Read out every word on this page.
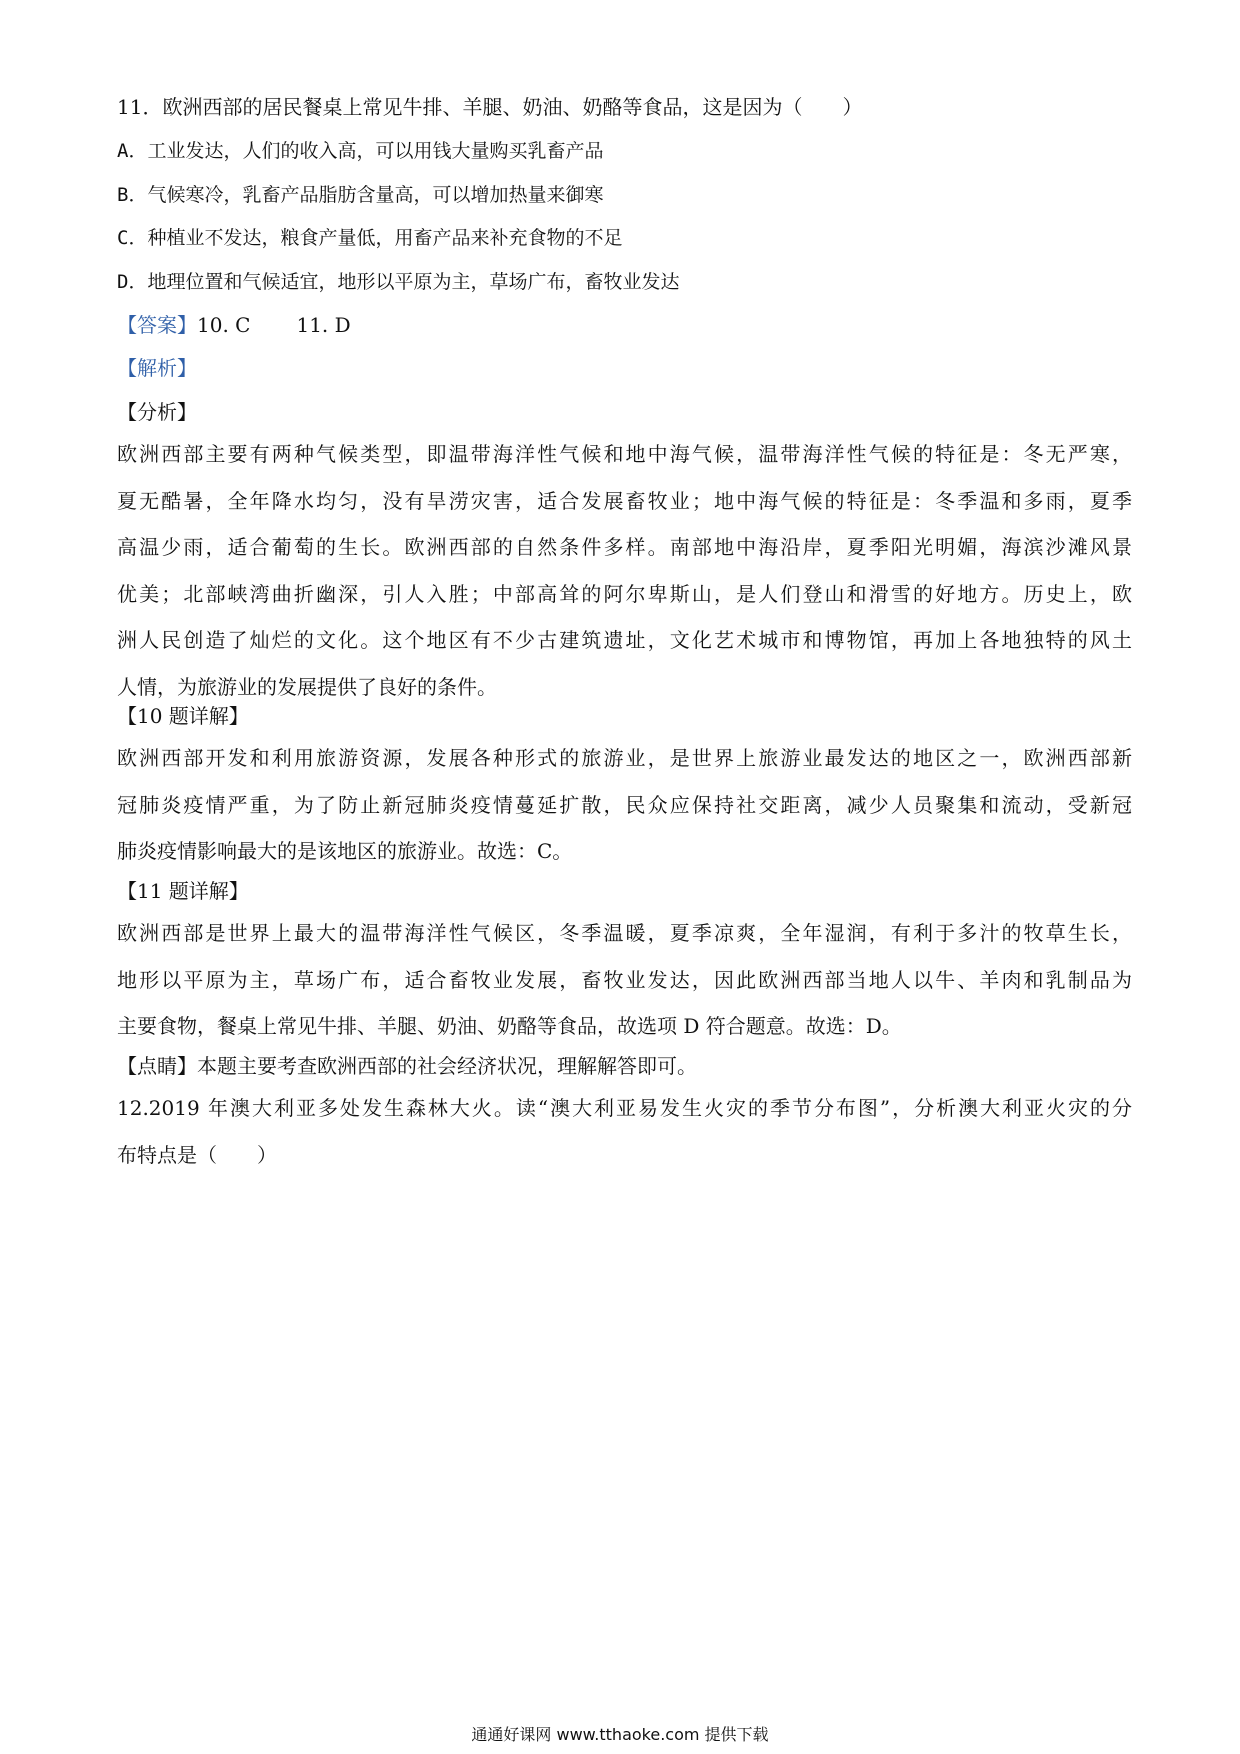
11．欧洲西部的居民餐桌上常见牛排、羊腿、奶油、奶酪等食品，这是因为（　　）
A．工业发达，人们的收入高，可以用钱大量购买乳畜产品
B．气候寒冷，乳畜产品脂肪含量高，可以增加热量来御寒
C．种植业不发达，粮食产量低，用畜产品来补充食物的不足
D．地理位置和气候适宜，地形以平原为主，草场广布，畜牧业发达
【答案】10. C 11. D
【解析】
【分析】
欧洲西部主要有两种气候类型，即温带海洋性气候和地中海气候，温带海洋性气候的特征是：冬无严寒，
夏无酷暑，全年降水均匀，没有旱涝灾害，适合发展畜牧业；地中海气候的特征是：冬季温和多雨，夏季
高温少雨，适合葡萄的生长。欧洲西部的自然条件多样。南部地中海沿岸，夏季阳光明媚，海滨沙滩风景
优美；北部峡湾曲折幽深，引人入胜；中部高耸的阿尔卑斯山，是人们登山和滑雪的好地方。历史上，欧
洲人民创造了灿烂的文化。这个地区有不少古建筑遗址，文化艺术城市和博物馆，再加上各地独特的风土
人情，为旅游业的发展提供了良好的条件。
【10 题详解】
欧洲西部开发和利用旅游资源，发展各种形式的旅游业，是世界上旅游业最发达的地区之一，欧洲西部新
冠肺炎疫情严重，为了防止新冠肺炎疫情蔓延扩散，民众应保持社交距离，减少人员聚集和流动，受新冠
肺炎疫情影响最大的是该地区的旅游业。故选：C。
【11 题详解】
欧洲西部是世界上最大的温带海洋性气候区，冬季温暖，夏季凉爽，全年湿润，有利于多汁的牧草生长，
地形以平原为主，草场广布，适合畜牧业发展，畜牧业发达，因此欧洲西部当地人以牛、羊肉和乳制品为
主要食物，餐桌上常见牛排、羊腿、奶油、奶酪等食品，故选项 D 符合题意。故选：D。
【点睛】本题主要考查欧洲西部的社会经济状况，理解解答即可。
12.2019 年澳大利亚多处发生森林大火。读“澳大利亚易发生火灾的季节分布图”，分析澳大利亚火灾的分
布特点是（　　）
通通好课网 www.tthaoke.com 提供下载
